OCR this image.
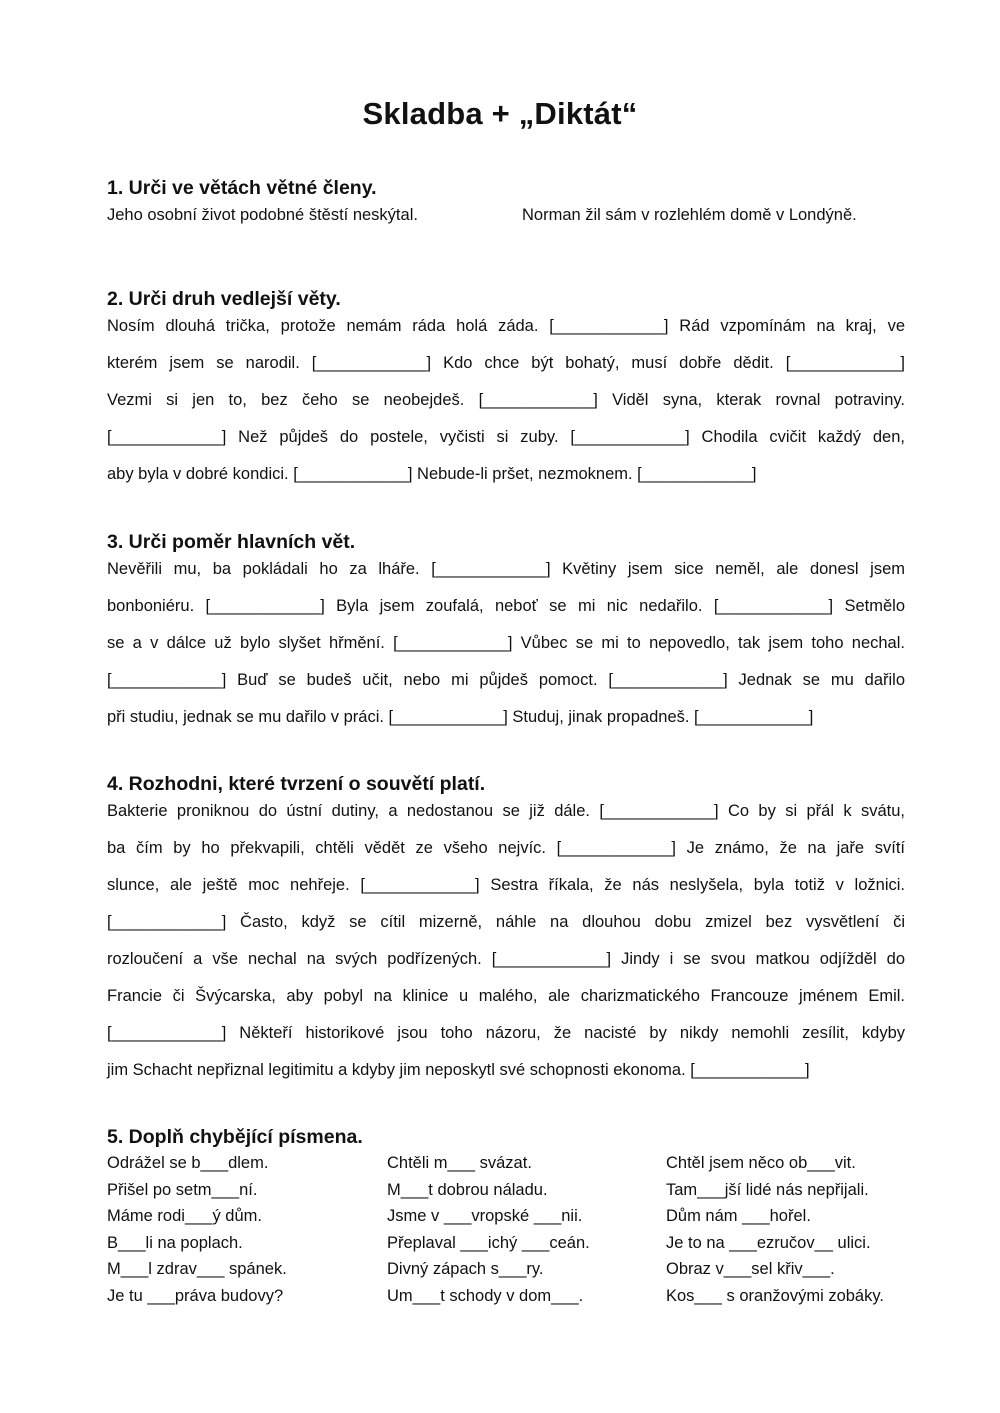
Skladba + „Diktát“
1. Urči ve větách větné členy.
Jeho osobní život podobné štěstí neskýtal.	Norman žil sám v rozlehlém domě v Londýně.
2. Urči druh vedlejší věty.
Nosím dlouhá trička, protože nemám ráda holá záda. [____________] Rád vzpomínám na kraj, ve
kterém jsem se narodil. [____________] Kdo chce být bohatý, musí dobře dědit. [____________]
Vezmi si jen to, bez čeho se neobejdeš. [____________] Viděl syna, kterak rovnal potraviny.
[____________] Než půjdeš do postele, vyčisti si zuby. [____________] Chodila cvičit každý den,
aby byla v dobré kondici. [____________] Nebude-li pršet, nezmoknem. [____________]
3. Urči poměr hlavních vět.
Nevěřili mu, ba pokládali ho za lháře. [____________] Květiny jsem sice neměl, ale donesl jsem
bonboniéru. [____________] Byla jsem zoufalá, neboť se mi nic nedařilo. [____________] Setmělo
se a v dálce už bylo slyšet hřmění. [____________] Vůbec se mi to nepovedlo, tak jsem toho nechal.
[____________] Buď se budeš učit, nebo mi půjdeš pomoct. [____________] Jednak se mu dařilo
při studiu, jednak se mu dařilo v práci. [____________] Studuj, jinak propadneš. [____________]
4. Rozhodni, které tvrzení o souvětí platí.
Bakterie proniknou do ústní dutiny, a nedostanou se již dále. [____________] Co by si přál k svátu,
ba čím by ho překvapili, chtěli vědět ze všeho nejvíc. [____________] Je známo, že na jaře svítí
slunce, ale ještě moc nehřeje. [____________] Sestra říkala, že nás neslyšela, byla totiž v ložnici.
[____________] Často, když se cítil mizerně, náhle na dlouhou dobu zmizel bez vysvětlení či
rozloučení a vše nechal na svých podřízených. [____________] Jindy i se svou matkou odjížděl do
Francie či Švýcarska, aby pobyl na klinice u malého, ale charizmatického Francouze jménem Emil.
[____________] Někteří historikové jsou toho názoru, že nacisté by nikdy nemohli zesílit, kdyby
jim Schacht nepřiznal legitimitu a kdyby jim neposkytl své schopnosti ekonoma. [____________]
5. Doplň chybějící písmena.
Odrážel se b___dlem.
Přišel po setm___ní.
Máme rodi___ý dům.
B___li na poplach.
M___l zdrav___ spánek.
Je tu ___práva budovy?
Chtěli m___ svázat.
M___t dobrou náladu.
Jsme v ___vropské ___nii.
Přeplaval ___ichý ___ceán.
Divný zápach s___ry.
Um___t schody v dom___.
Chtěl jsem něco ob___vit.
Tam___jší lidé nás nepřijali.
Dům nám ___hořel.
Je to na ___ezručov__ ulici.
Obraz v___sel křiv___.
Kos___ s oranžovými zobáky.
